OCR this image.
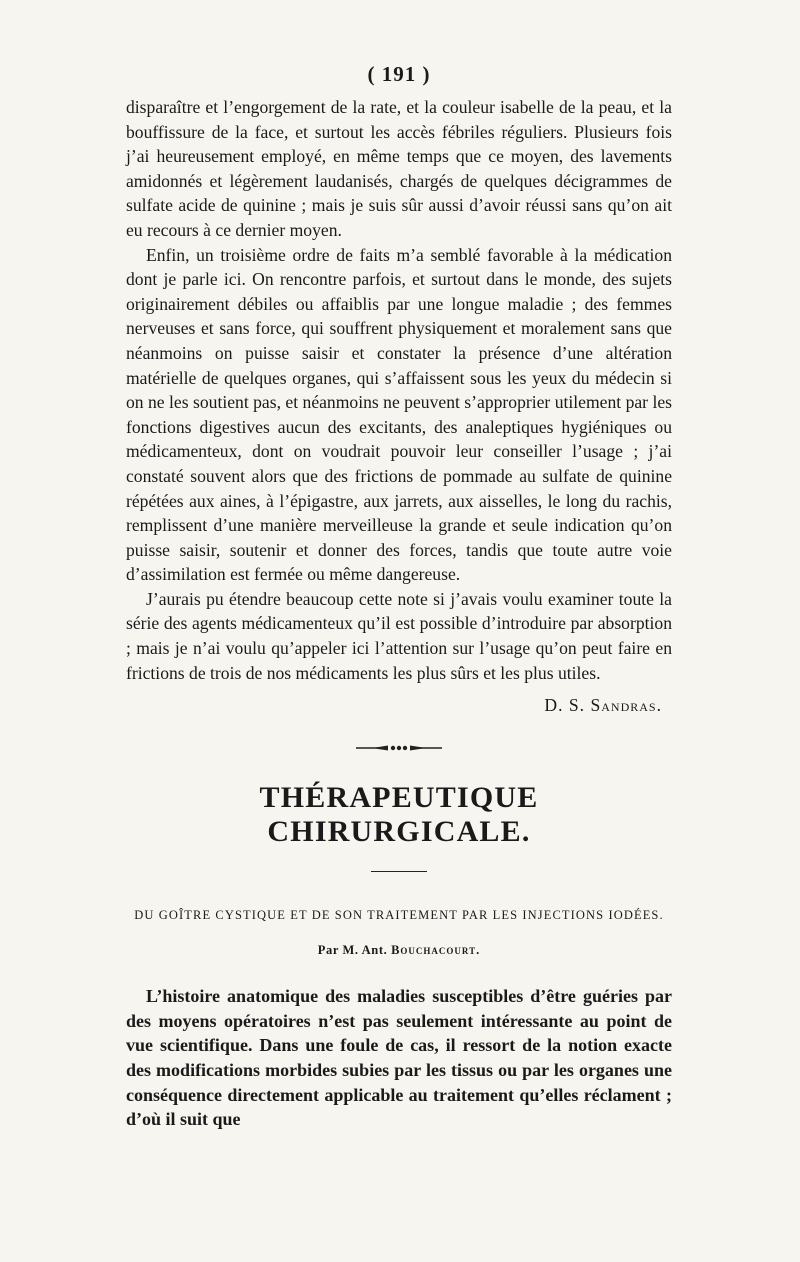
( 191 )

disparaître et l’engorgement de la rate, et la couleur isabelle de la peau, et la bouffissure de la face, et surtout les accès fébriles réguliers. Plusieurs fois j’ai heureusement employé, en même temps que ce moyen, des lavements amidonnés et légèrement laudanisés, chargés de quelques décigrammes de sulfate acide de quinine ; mais je suis sûr aussi d’avoir réussi sans qu’on ait eu recours à ce dernier moyen.

Enfin, un troisième ordre de faits m’a semblé favorable à la médication dont je parle ici. On rencontre parfois, et surtout dans le monde, des sujets originairement débiles ou affaiblis par une longue maladie ; des femmes nerveuses et sans force, qui souffrent physiquement et moralement sans que néanmoins on puisse saisir et constater la présence d’une altération matérielle de quelques organes, qui s’affaissent sous les yeux du médecin si on ne les soutient pas, et néanmoins ne peuvent s’approprier utilement par les fonctions digestives aucun des excitants, des analeptiques hygiéniques ou médicamenteux, dont on voudrait pouvoir leur conseiller l’usage ; j’ai constaté souvent alors que des frictions de pommade au sulfate de quinine répétées aux aines, à l’épigastre, aux jarrets, aux aisselles, le long du rachis, remplissent d’une manière merveilleuse la grande et seule indication qu’on puisse saisir, soutenir et donner des forces, tandis que toute autre voie d’assimilation est fermée ou même dangereuse.

J’aurais pu étendre beaucoup cette note si j’avais voulu examiner toute la série des agents médicamenteux qu’il est possible d’introduire par absorption ; mais je n’ai voulu qu’appeler ici l’attention sur l’usage qu’on peut faire en frictions de trois de nos médicaments les plus sûrs et les plus utiles.

D. S. Sandras.
THÉRAPEUTIQUE CHIRURGICALE.
DU GOÎTRE CYSTIQUE ET DE SON TRAITEMENT PAR LES INJECTIONS IODÉES.
Par M. Ant. Bouchacourt.

L’histoire anatomique des maladies susceptibles d’être guéries par des moyens opératoires n’est pas seulement intéressante au point de vue scientifique. Dans une foule de cas, il ressort de la notion exacte des modifications morbides subies par les tissus ou par les organes une conséquence directement applicable au traitement qu’elles réclament ; d’où il suit que
